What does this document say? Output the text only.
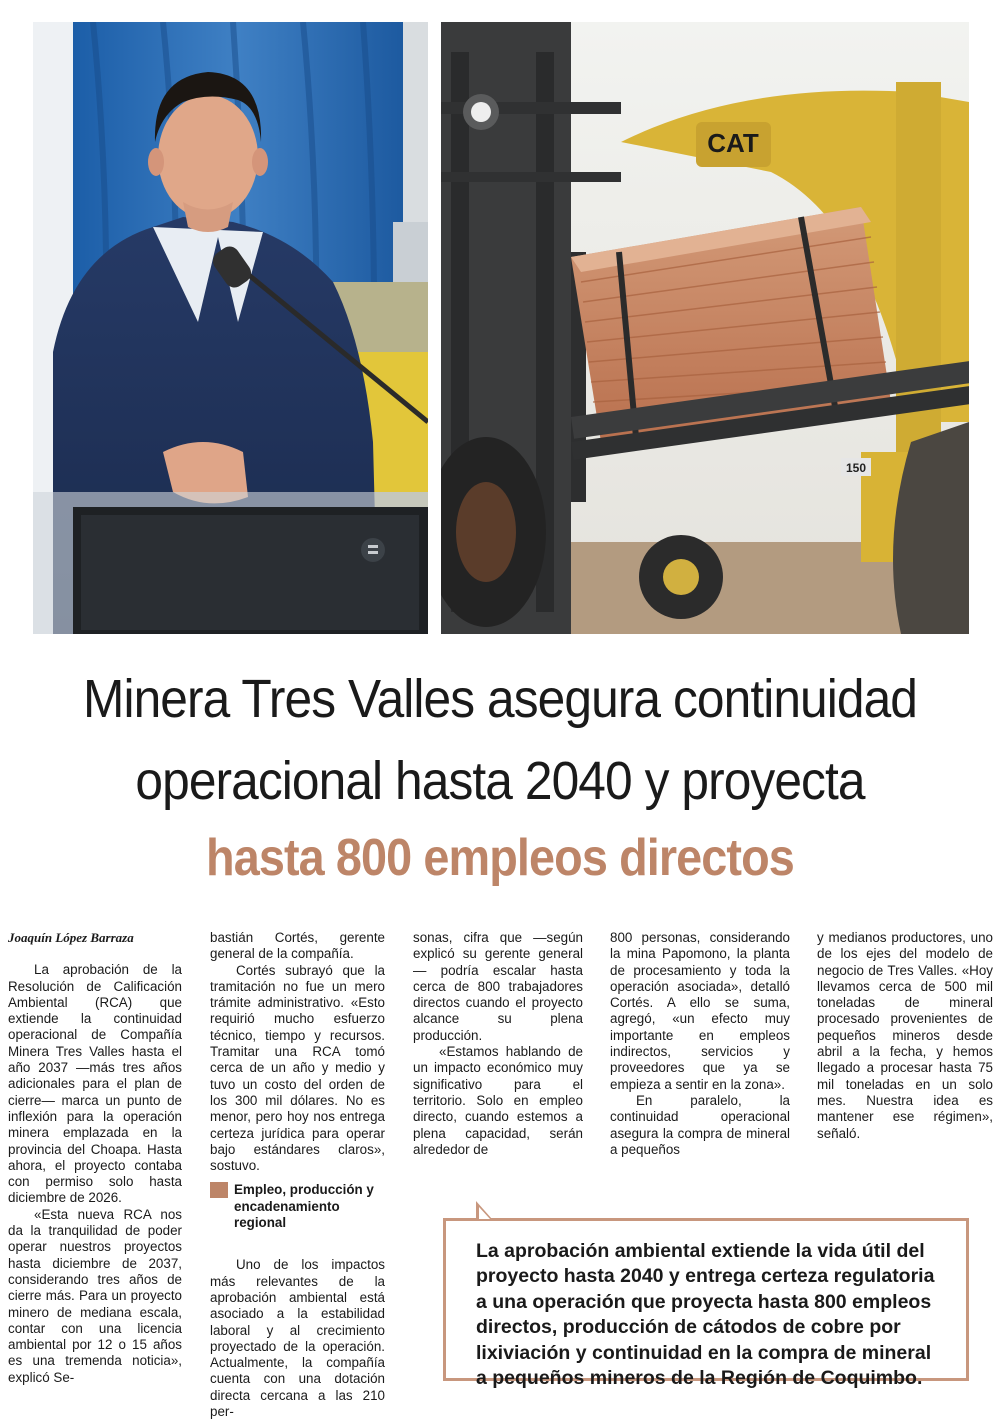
CAT
150
Minera Tres Valles asegura continuidad
operacional hasta 2040 y proyecta
hasta 800 empleos directos

Joaquín López Barraza

La aprobación de la Resolución de Calificación Ambiental (RCA) que extiende la continuidad operacional de Compañía Minera Tres Valles hasta el año 2037 —más tres años adicionales para el plan de cierre— marca un punto de inflexión para la operación minera emplazada en la provincia del Choapa. Hasta ahora, el proyecto contaba con permiso solo hasta diciembre de 2026.

«Esta nueva RCA nos da la tranquilidad de poder operar nuestros proyectos hasta diciembre de 2037, considerando tres años de cierre más. Para un proyecto minero de mediana escala, contar con una licencia ambiental por 12 o 15 años es una tremenda noticia», explicó Se-

bastián Cortés, gerente general de la compañía.

Cortés subrayó que la tramitación no fue un mero trámite administrativo. «Esto requirió mucho esfuerzo técnico, tiempo y recursos. Tramitar una RCA tomó cerca de un año y medio y tuvo un costo del orden de los 300 mil dólares. No es menor, pero hoy nos entrega certeza jurídica para operar bajo estándares claros», sostuvo.

Empleo, producción y encadenamiento regional

Uno de los impactos más relevantes de la aprobación ambiental está asociado a la estabilidad laboral y al crecimiento proyectado de la operación. Actualmente, la compañía cuenta con una dotación directa cercana a las 210 per-

sonas, cifra que —según explicó su gerente general— podría escalar hasta cerca de 800 trabajadores directos cuando el proyecto alcance su plena producción.

«Estamos hablando de un impacto económico muy significativo para el territorio. Solo en empleo directo, cuando estemos a plena capacidad, serán alrededor de

800 personas, considerando la mina Papomono, la planta de procesamiento y toda la operación asociada», detalló Cortés. A ello se suma, agregó, «un efecto muy importante en empleos indirectos, servicios y proveedores que ya se empieza a sentir en la zona».

En paralelo, la continuidad operacional asegura la compra de mineral a pequeños

y medianos productores, uno de los ejes del modelo de negocio de Tres Valles. «Hoy llevamos cerca de 500 mil toneladas de mineral procesado provenientes de pequeños mineros desde abril a la fecha, y hemos llegado a procesar hasta 75 mil toneladas en un solo mes. Nuestra idea es mantener ese régimen», señaló.

La aprobación ambiental extiende la vida útil del proyecto hasta 2040 y entrega certeza regulatoria a una operación que proyecta hasta 800 empleos directos, producción de cátodos de cobre por lixiviación y continuidad en la compra de mineral a pequeños mineros de la Región de Coquimbo.
